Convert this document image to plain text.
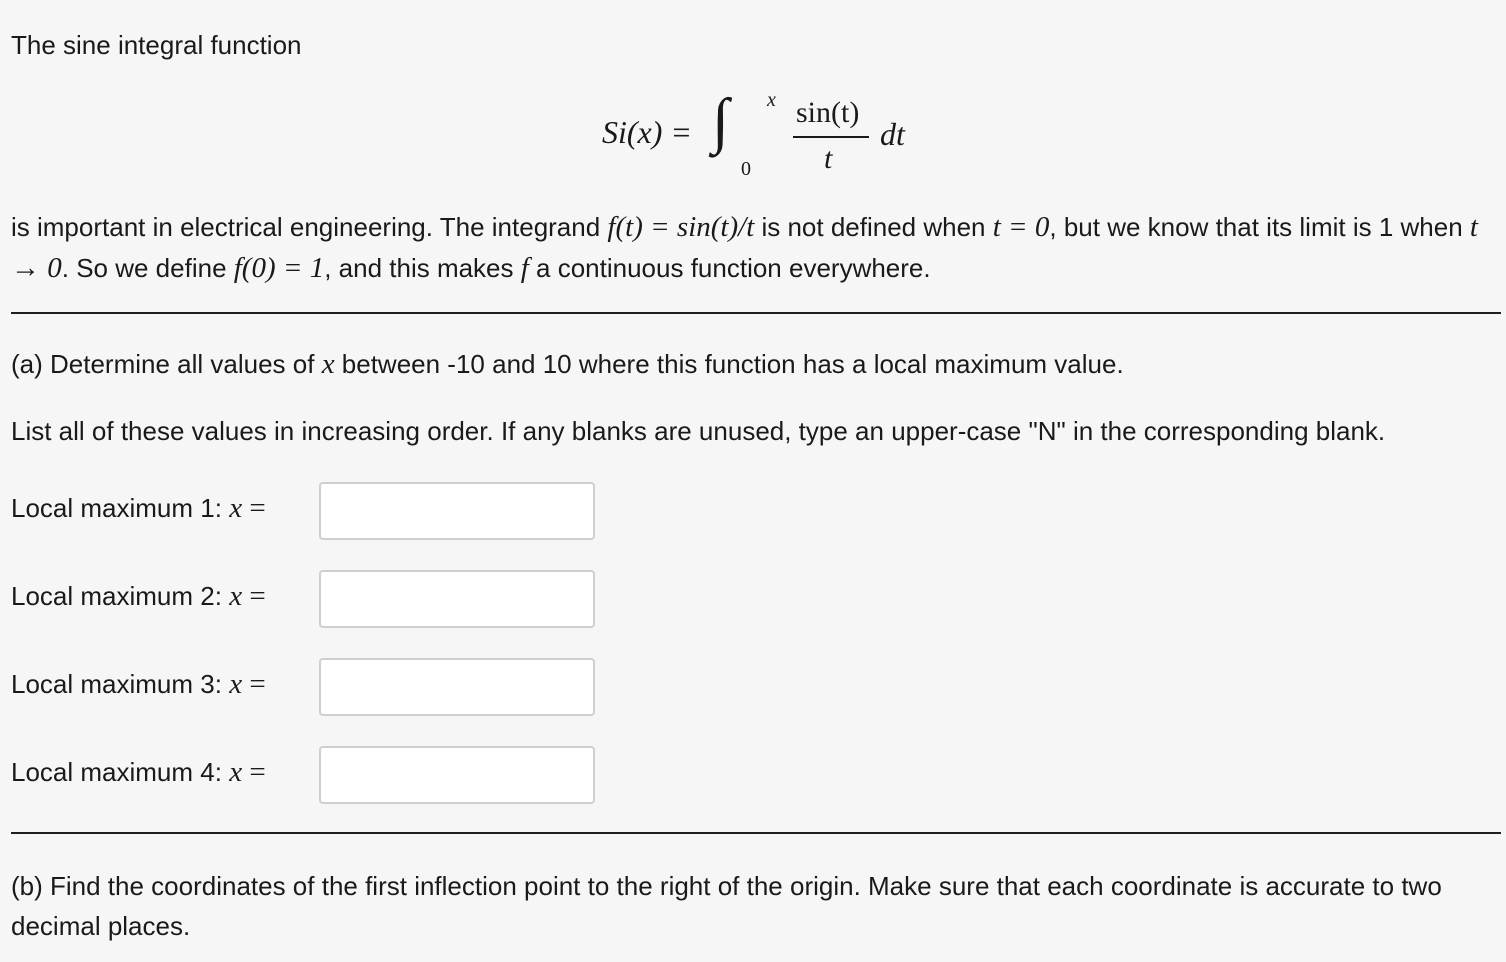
The sine integral function
Si(x) = ∫ x
0
sin(t)
t
dt

is important in electrical engineering. The integrand f(t) = sin(t)/t is not defined when t = 0, but we know that its limit is 1 when t → 0. So we define f(0) = 1, and this makes f a continuous function everywhere.

(a) Determine all values of x between -10 and 10 where this function has a local maximum value.

List all of these values in increasing order. If any blanks are unused, type an upper-case "N" in the corresponding blank.

Local maximum 1: x =
Local maximum 2: x =
Local maximum 3: x =
Local maximum 4: x =

(b) Find the coordinates of the first inflection point to the right of the origin. Make sure that each coordinate is accurate to two decimal places.
